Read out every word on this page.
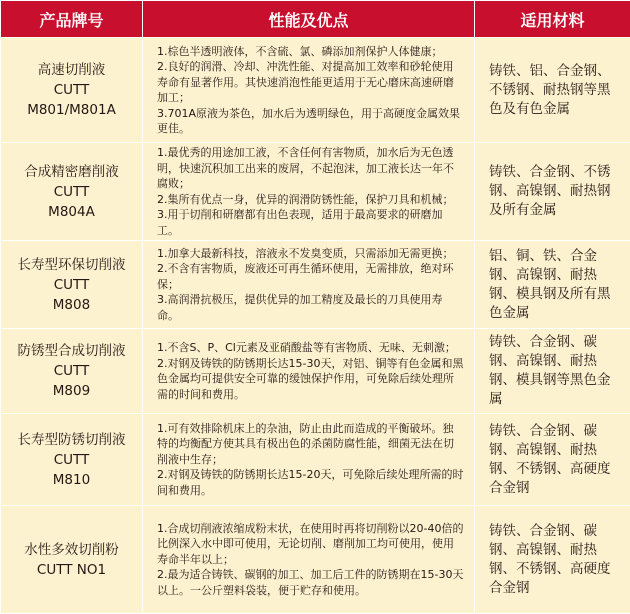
产品牌号	性能及优点	适用材料

高速切削液
CUTT
M801/M801A	1.棕色半透明液体，不含硫、氯、磷添加剂保护人体健康；
2.良好的润滑、冷却、冲洗性能、对提高加工效率和砂轮使用寿命有显著作用。其快速消泡性能更适用于无心磨床高速研磨加工；
3.701A原液为茶色，加水后为透明绿色，用于高硬度金属效果更佳。	铸铁、铝、合金钢、不锈钢、耐热钢等黑色及有色金属

合成精密磨削液
CUTT
M804A	1.最优秀的用途加工液，不含任何有害物质，加水后为无色透明，快速沉积加工出来的废屑，不起泡沫，加工液长达一年不腐败；
2.集所有优点一身，优异的润滑防锈性能，保护刀具和机械；
3.用于切削和研磨都有出色表现，适用于最高要求的研磨加工。	铸铁、合金钢、不锈钢、高镍钢、耐热钢及所有金属

长寿型环保切削液
CUTT
M808	1.加拿大最新科技，溶液永不发臭变质，只需添加无需更换；
2.不含有害物质，废液还可再生循环使用，无需排放，绝对环保；
3.高润滑抗极压，提供优异的加工精度及最长的刀具使用寿命。	铝、铜、铁、合金钢、高镍钢、耐热钢、模具钢及所有黑色金属

防锈型合成切削液
CUTT
M809	1.不含S、P、Cl元素及亚硝酸盐等有害物质、无味、无刺激；
2.对钢及铸铁的防锈期长达15-30天，对铝、铜等有色金属和黑色金属均可提供安全可靠的缓蚀保护作用，可免除后续处理所需的时间和费用。	铸铁、合金钢、碳钢、高镍钢、耐热钢、模具钢等黑色金属

长寿型防锈切削液
CUTT
M810	1.可有效排除机床上的杂油，防止由此而造成的平衡破坏。独特的均衡配方使其具有极出色的杀菌防腐性能，细菌无法在切削液中生存；
2.对钢及铸铁的防锈期长达15-20天，可免除后续处理所需的时间和费用。	铸铁、合金钢、碳钢、高镍钢、耐热钢、不锈钢、高硬度合金钢

水性多效切削粉
CUTT NO1	1.合成切削液浓缩成粉末状，在使用时再将切削粉以20-40倍的比例深入水中即可使用，无论切削、磨削加工均可使用，使用寿命半年以上；
2.最为适合铸铁、碳钢的加工、加工后工件的防锈期在15-30天以上。一公斤塑料袋装，便于贮存和使用。	铸铁、合金钢、碳钢、高镍钢、耐热钢、不锈钢、高硬度合金钢
